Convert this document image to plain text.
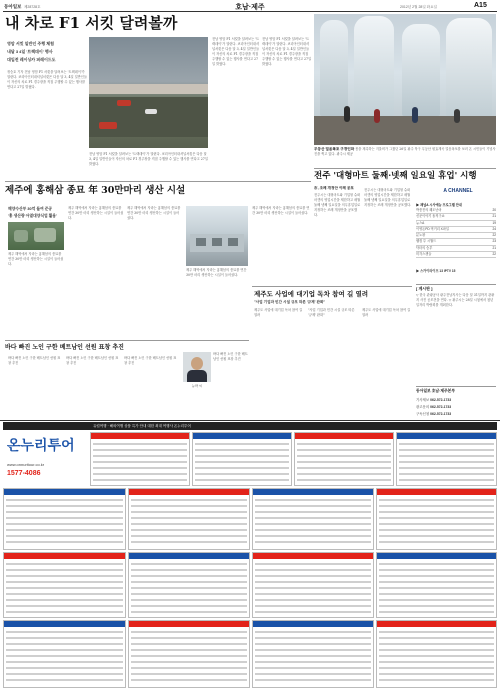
동아일보 제28728호	호남·제주	2012년 2월 28일 화요일	A15
내 차로 F1 서킷 달려볼까
영암 서킷 일반인 주행 체험
내달 3 4일 '트랙데이' 행사
대입전 레이싱카 퍼레이드도
정승호 기자 전남 영암 F1 서킷을 달려보는 '트랙데이'가 열린다. 코리아인터내셔널서킷은 다음 달 3, 4일 일반인들이 자신의 차로 F1 경주장을 직접 주행할 수 있는 행사를 연다고 27일 밝혔다.
전남 영암 F1 서킷을 달려보는 '트랙데이'가 열린다. 코리아인터내셔널서킷은 다음 달 3, 4일 일반인들이 자신의 차로 F1 경주장을 직접 주행할 수 있는 행사를 연다고 27일 밝혔다.
전남 영암 F1 서킷을 달려보는 '트랙데이'가 열린다. 코리아인터내셔널서킷은 다음 달 3, 4일 일반인들이 자신의 차로 F1 경주장을 직접 주행할 수 있는 행사를 연다고 27일 밝혔다.
전남 영암 F1 서킷을 달려보는 '트랙데이'가 열린다. 코리아인터내셔널서킷은 다음 달 3, 4일 일반인들이 자신의 차로 F1 경주장을 직접 주행할 수 있는 행사를 연다고 27일 밝혔다.
무등산 얼음폭포 구경인파 봄을 재촉하는 겨울비가 그쳤던 26일 광주 북구 무등산 원효계곡 얼음폭포를 보러 온 시민들이 기념사진을 찍고 있다. 광주시 제공
전주 '대형마트 둘째·넷째 일요일 휴업' 시행
市, 조례 개정안 이례 공포
전주시는 대형마트와 기업형 슈퍼마켓의 영업시간을 제한하고 매월 둘째 넷째 일요일을 의무휴업일로 지정하는 조례 개정안을 공포했다.
전주시는 대형마트와 기업형 슈퍼마켓의 영업시간을 제한하고 매월 둘째 넷째 일요일을 의무휴업일로 지정하는 조례 개정안을 공포했다.
A CHANNEL
▶ 채널A 시사예능 프로그램 안내
박종진의 쾌도난마	20
신문이야기 돌직구쇼	21
뉴스A	19
이영돈PD 먹거리 X파일	24
분노왕	22
웰컴 투 시월드	23
닥터의 승부	21
미각스캔들	22
▶ 스카이라이프 13 IPTV 15
[ 게시판 ]
▽ 한국 관광공사 광주전남지사는 다음 달 31일까지 관광지 사진 공모전을 연다. ▽ 광주시는 28일 시청에서 청년 일자리 박람회를 개최한다.
동아일보 호남·제주본부
기사제보 062-572-1733
광고문의 062-572-1733
구독신청 062-572-1733
제주에 홍해삼 종묘 年 30만마리 생산 시설
해양수산부 30억 들여 준공
'홍 생산량 아열대양식업 활용'
제주 해역에서 자라는 홍해삼의 종묘를 연간 30만 마리 생산하는 시설이 들어섰다.
제주 해역에서 자라는 홍해삼의 종묘를 연간 30만 마리 생산하는 시설이 들어섰다.
제주 해역에서 자라는 홍해삼의 종묘를 연간 30만 마리 생산하는 시설이 들어섰다.
제주 해역에서 자라는 홍해삼의 종묘를 연간 30만 마리 생산하는 시설이 들어섰다.
제주 해역에서 자라는 홍해삼의 종묘를 연간 30만 마리 생산하는 시설이 들어섰다.
제주도 사업에 대기업 독차 참여 길 열려
"사업 기업과 민간 시설 규모 따른 '규제' 완화"
제주도 사업에 대기업 독차 참여 길 열려
"사업 기업과 민간 시설 규모 따른 '규제' 완화"
제주도 사업에 대기업 독차 참여 길 열려
바다 빠진 노인 구한 베트남인 선원 표창 추진
바다 빠진 노인 구한 베트남인 선원 표창 추진
바다 빠진 노인 구한 베트남인 선원 표창 추진
바다 빠진 노인 구한 베트남인 선원 표창 추진
뉴바 씨
바다 빠진 노인 구한 베트남인 선원 표창 추진
유럽여행 · 해외여행 상품 특가 안내 대한 최대 여행사 온누리투어
온누리투어
www.onnuritour.co.kr
1577-4086
